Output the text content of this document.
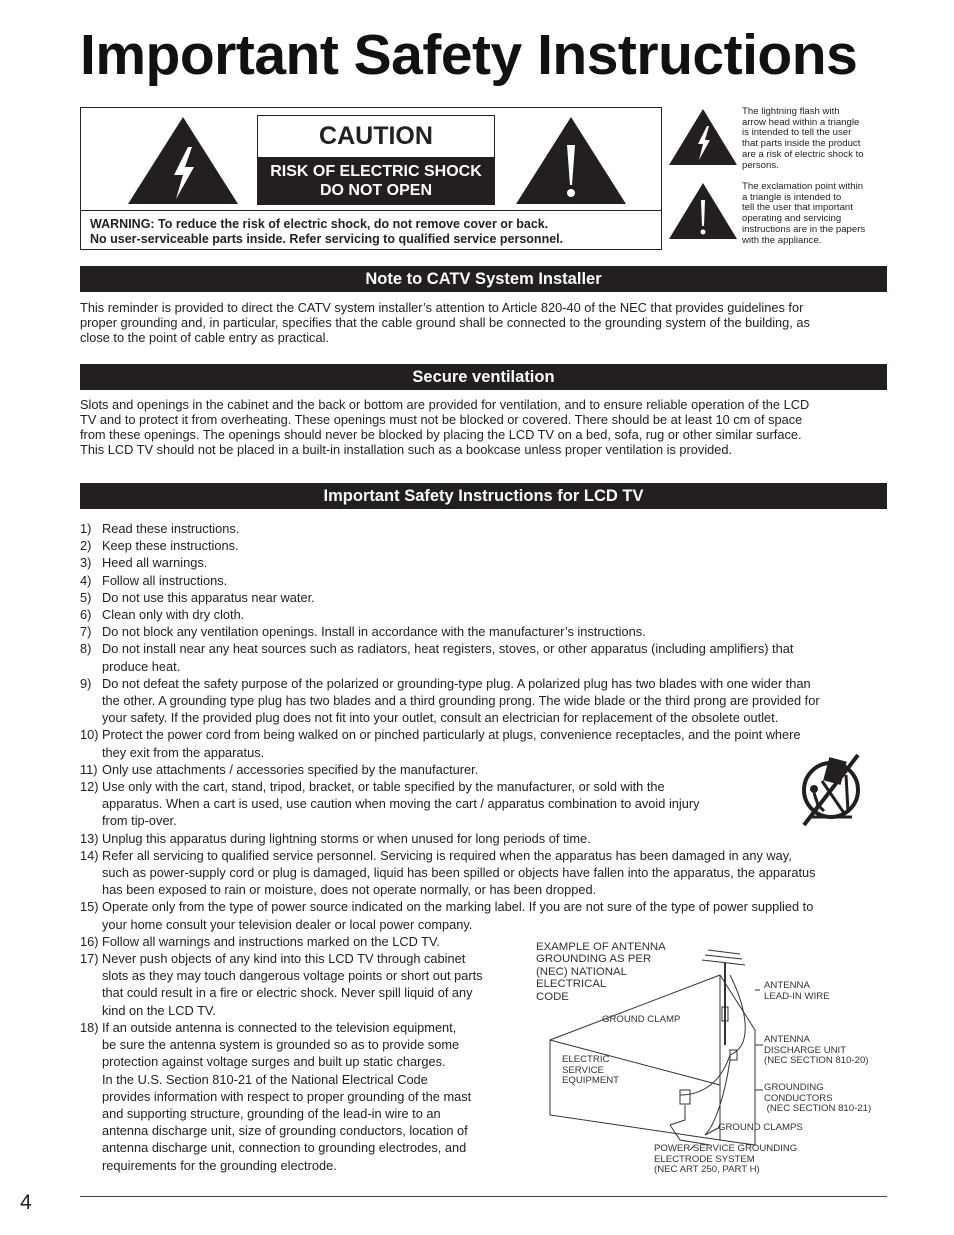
Important Safety Instructions
CAUTION
RISK OF ELECTRIC SHOCK
DO NOT OPEN
WARNING: To reduce the risk of electric shock, do not remove cover or back.
No user-serviceable parts inside. Refer servicing to qualified service personnel.
The lightning flash with
arrow head within a triangle
is intended to tell the user
that parts inside the product
are a risk of electric shock to
persons.
The exclamation point within
a triangle is intended to
tell the user that important
operating and servicing
instructions are in the papers
with the appliance.
Note to CATV System Installer
This reminder is provided to direct the CATV system installer’s attention to Article 820-40 of the NEC that provides guidelines for
proper grounding and, in particular, specifies that the cable ground shall be connected to the grounding system of the building, as
close to the point of cable entry as practical.
Secure ventilation
Slots and openings in the cabinet and the back or bottom are provided for ventilation, and to ensure reliable operation of the LCD
TV and to protect it from overheating. These openings must not be blocked or covered. There should be at least 10 cm of space
from these openings. The openings should never be blocked by placing the LCD TV on a bed, sofa, rug or other similar surface.
This LCD TV should not be placed in a built-in installation such as a bookcase unless proper ventilation is provided.
Important Safety Instructions for LCD TV
1) Read these instructions.
2) Keep these instructions.
3) Heed all warnings.
4) Follow all instructions.
5) Do not use this apparatus near water.
6) Clean only with dry cloth.
7) Do not block any ventilation openings. Install in accordance with the manufacturer’s instructions.
8) Do not install near any heat sources such as radiators, heat registers, stoves, or other apparatus (including amplifiers) that
produce heat.
9) Do not defeat the safety purpose of the polarized or grounding-type plug. A polarized plug has two blades with one wider than
the other. A grounding type plug has two blades and a third grounding prong. The wide blade or the third prong are provided for
your safety. If the provided plug does not fit into your outlet, consult an electrician for replacement of the obsolete outlet.
10) Protect the power cord from being walked on or pinched particularly at plugs, convenience receptacles, and the point where
they exit from the apparatus.
11) Only use attachments / accessories specified by the manufacturer.
12) Use only with the cart, stand, tripod, bracket, or table specified by the manufacturer, or sold with the
apparatus. When a cart is used, use caution when moving the cart / apparatus combination to avoid injury
from tip-over.
13) Unplug this apparatus during lightning storms or when unused for long periods of time.
14) Refer all servicing to qualified service personnel. Servicing is required when the apparatus has been damaged in any way,
such as power-supply cord or plug is damaged, liquid has been spilled or objects have fallen into the apparatus, the apparatus
has been exposed to rain or moisture, does not operate normally, or has been dropped.
15) Operate only from the type of power source indicated on the marking label. If you are not sure of the type of power supplied to
your home consult your television dealer or local power company.
16) Follow all warnings and instructions marked on the LCD TV.
17) Never push objects of any kind into this LCD TV through cabinet
slots as they may touch dangerous voltage points or short out parts
that could result in a fire or electric shock. Never spill liquid of any
kind on the LCD TV.
18) If an outside antenna is connected to the television equipment,
be sure the antenna system is grounded so as to provide some
protection against voltage surges and built up static charges.
In the U.S. Section 810-21 of the National Electrical Code
provides information with respect to proper grounding of the mast
and supporting structure, grounding of the lead-in wire to an
antenna discharge unit, size of grounding conductors, location of
antenna discharge unit, connection to grounding electrodes, and
requirements for the grounding electrode.
EXAMPLE OF ANTENNA
GROUNDING AS PER
(NEC) NATIONAL
ELECTRICAL
CODE
ANTENNA
LEAD-IN WIRE
GROUND CLAMP
ANTENNA
DISCHARGE UNIT
(NEC SECTION 810-20)
ELECTRIC
SERVICE
EQUIPMENT
GROUNDING
CONDUCTORS
(NEC SECTION 810-21)
GROUND CLAMPS
POWER SERVICE GROUNDING
ELECTRODE SYSTEM
(NEC ART 250, PART H)
4
